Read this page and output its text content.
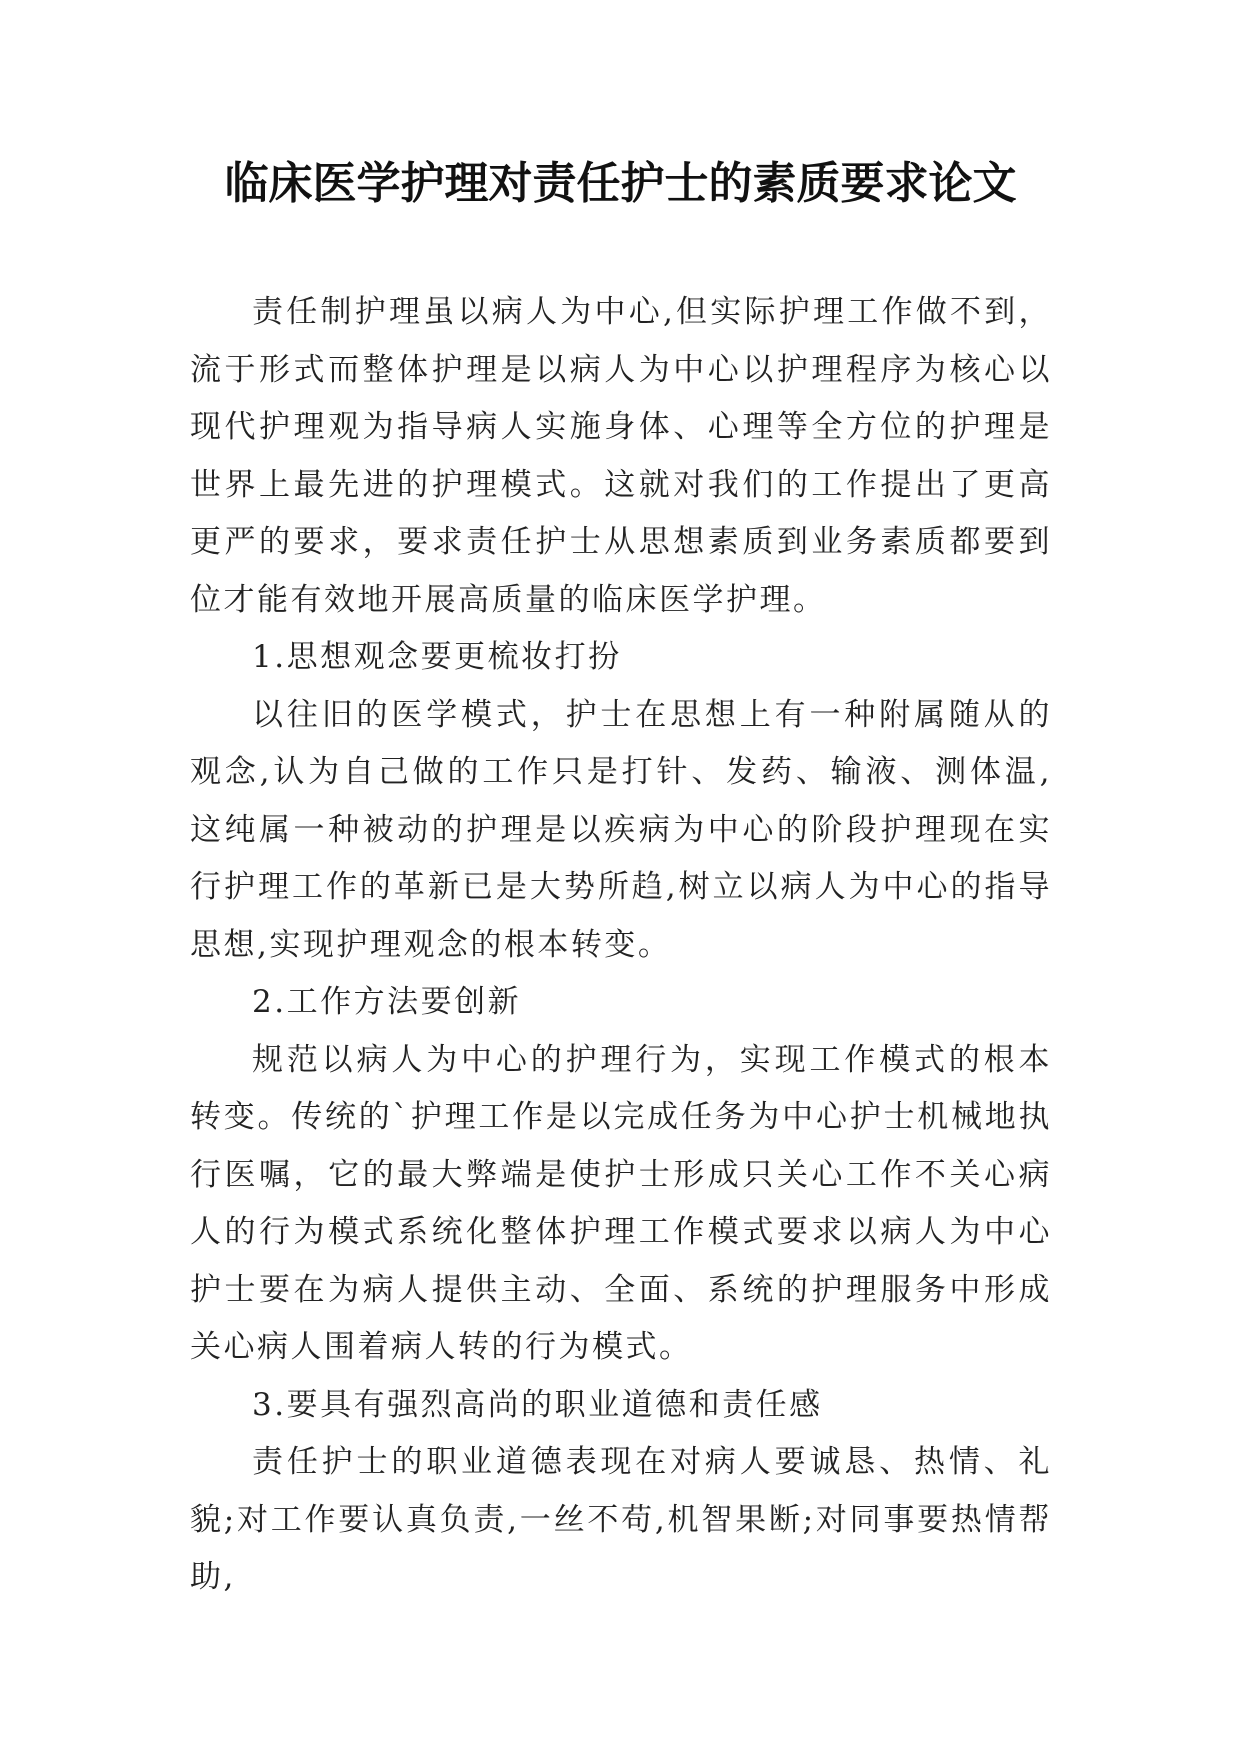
临床医学护理对责任护士的素质要求论文

责任制护理虽以病人为中心,但实际护理工作做不到，流于形式而整体护理是以病人为中心以护理程序为核心以现代护理观为指导病人实施身体、心理等全方位的护理是世界上最先进的护理模式。这就对我们的工作提出了更高更严的要求，要求责任护士从思想素质到业务素质都要到位才能有效地开展高质量的临床医学护理。

1.思想观念要更梳妆打扮

以往旧的医学模式，护士在思想上有一种附属随从的观念,认为自己做的工作只是打针、发药、输液、测体温,这纯属一种被动的护理是以疾病为中心的阶段护理现在实行护理工作的革新已是大势所趋,树立以病人为中心的指导思想,实现护理观念的根本转变。

2.工作方法要创新

规范以病人为中心的护理行为，实现工作模式的根本转变。传统的`护理工作是以完成任务为中心护士机械地执行医嘱，它的最大弊端是使护士形成只关心工作不关心病人的行为模式系统化整体护理工作模式要求以病人为中心护士要在为病人提供主动、全面、系统的护理服务中形成关心病人围着病人转的行为模式。

3.要具有强烈高尚的职业道德和责任感

责任护士的职业道德表现在对病人要诚恳、热情、礼貌;对工作要认真负责,一丝不苟,机智果断;对同事要热情帮助,
